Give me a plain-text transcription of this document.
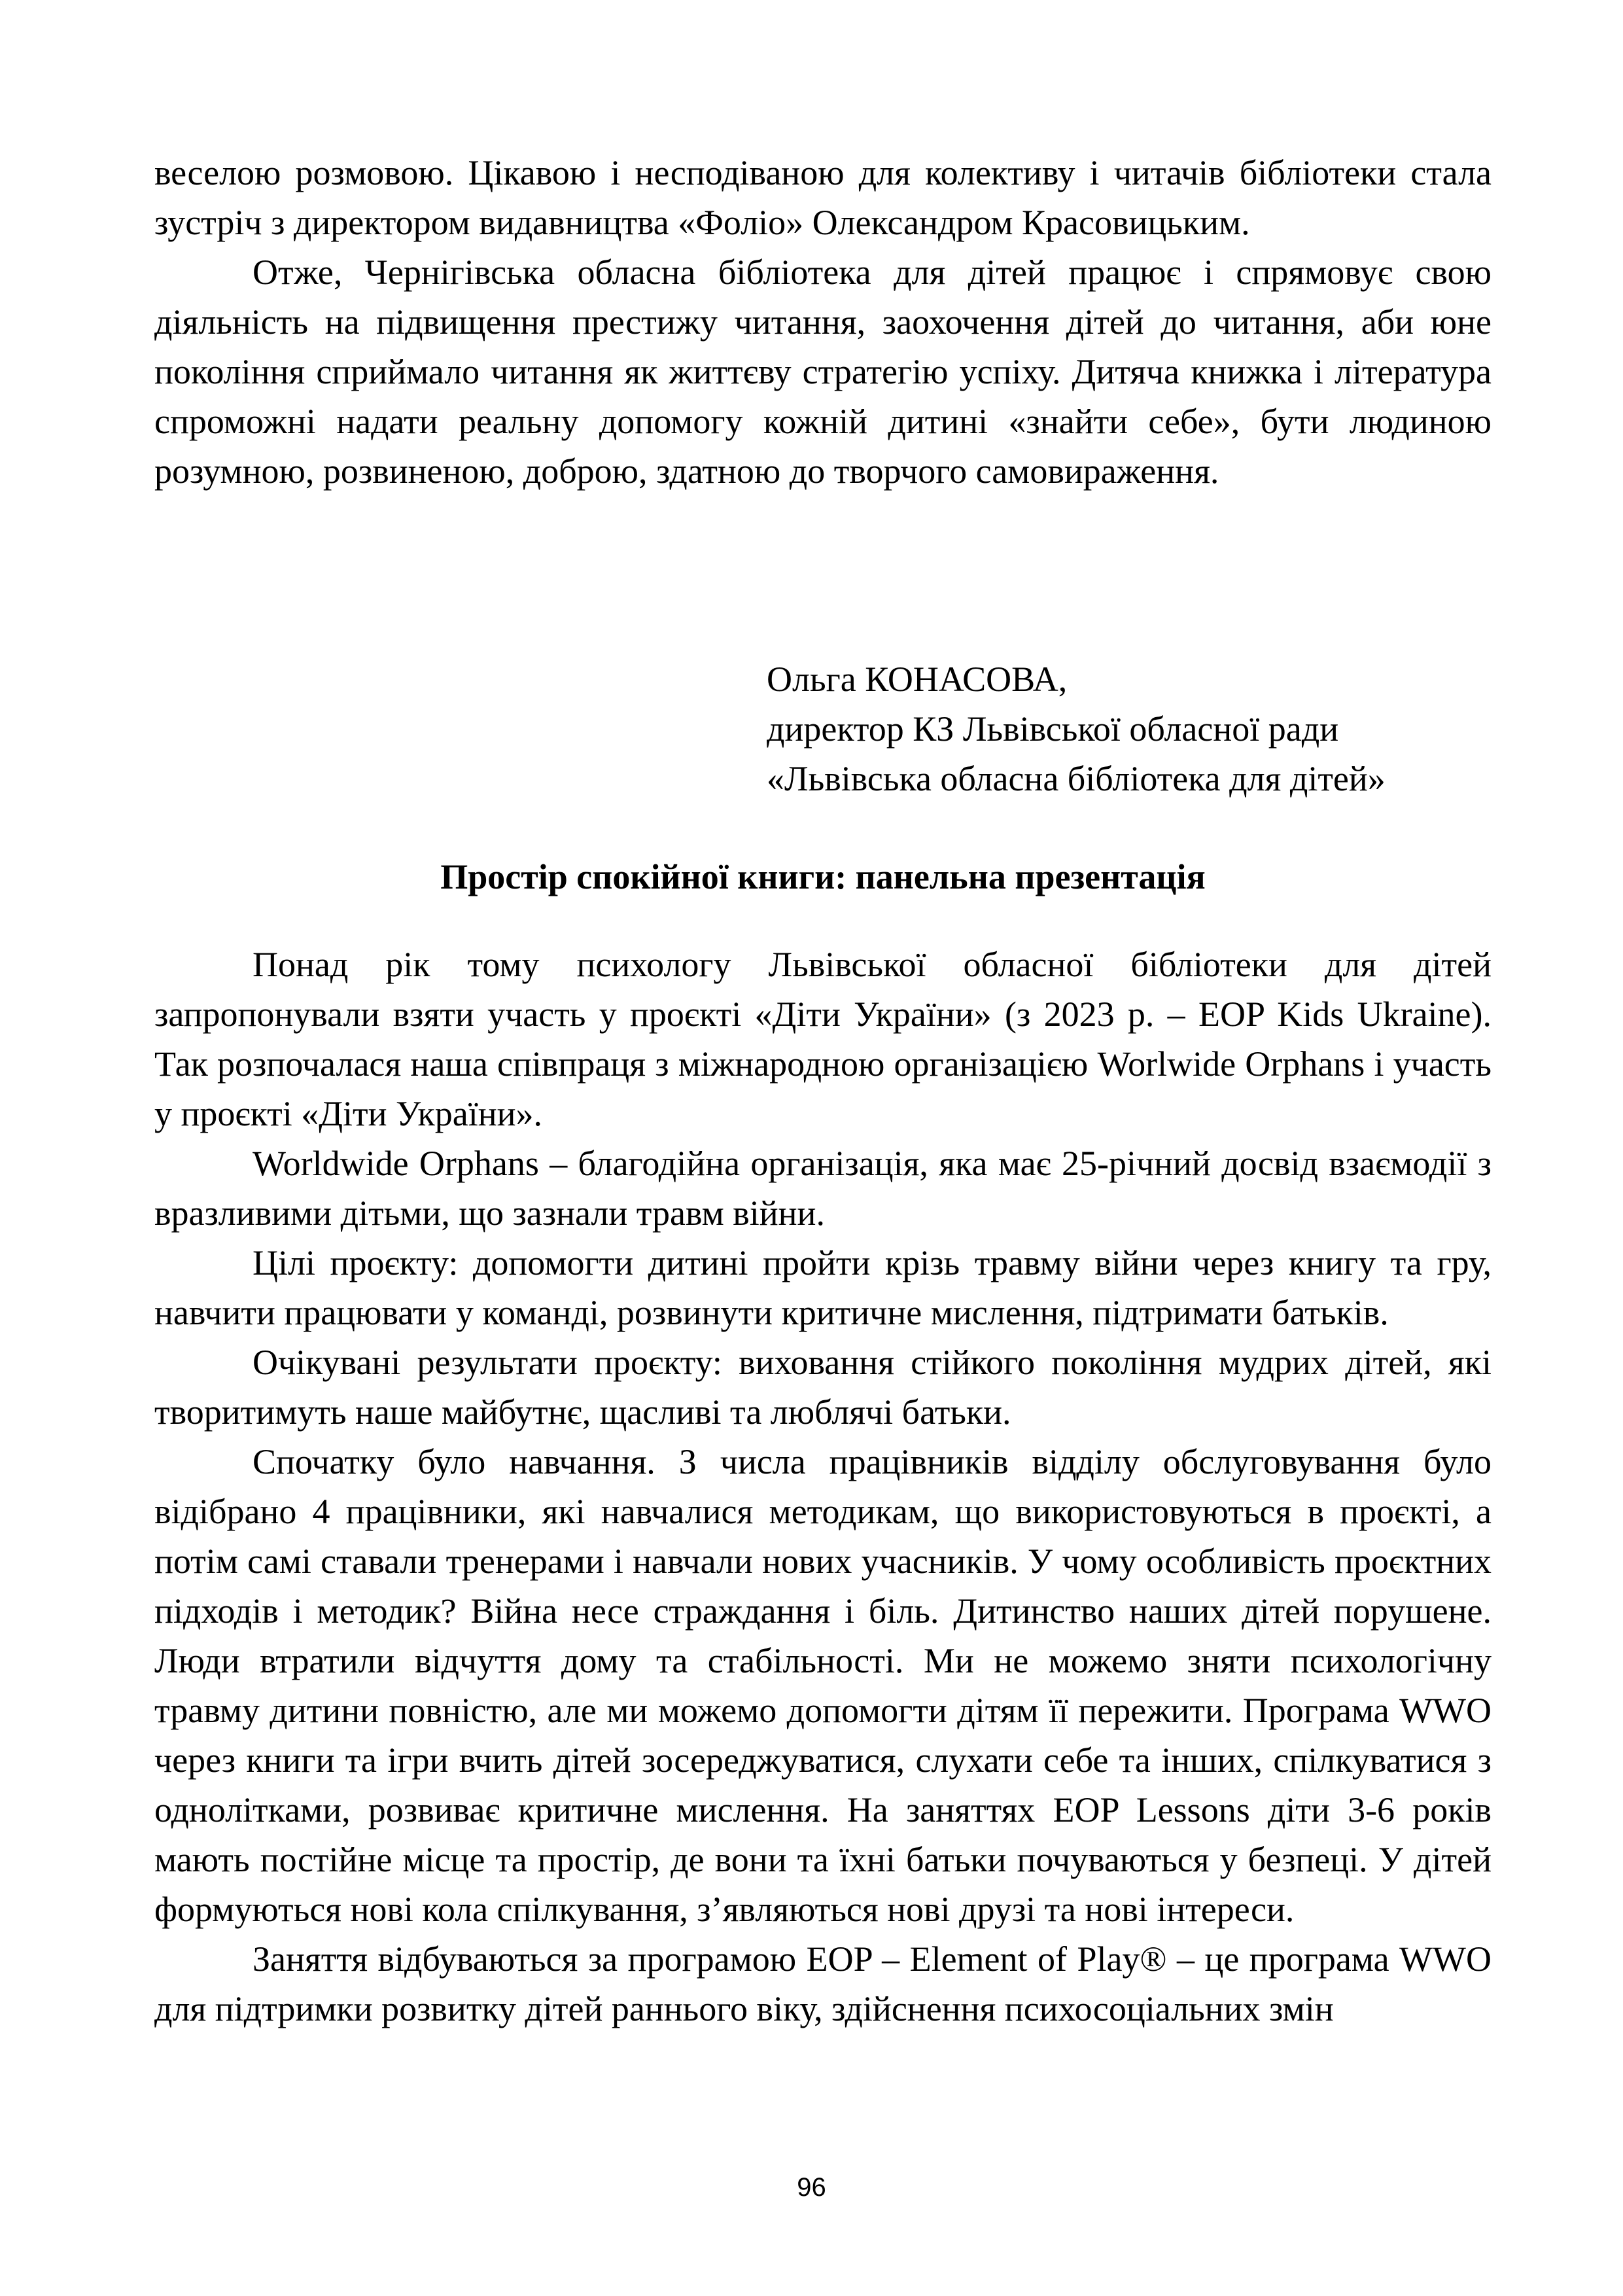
веселою розмовою. Цікавою і несподіваною для колективу і читачів бібліотеки стала зустріч з директором видавництва «Фоліо» Олександром Красовицьким.

Отже, Чернігівська обласна бібліотека для дітей працює і спрямовує свою діяльність на підвищення престижу читання, заохочення дітей до читання, аби юне покоління сприймало читання як життєву стратегію успіху. Дитяча книжка і література спроможні надати реальну допомогу кожній дитині «знайти себе», бути людиною розумною, розвиненою, доброю, здатною до творчого самовираження.

Ольга КОНАСОВА,
директор КЗ Львівської обласної ради
«Львівська обласна бібліотека для дітей»
Простір спокійної книги: панельна презентація

Понад рік тому психологу Львівської обласної бібліотеки для дітей запропонували взяти участь у проєкті «Діти України» (з 2023 р. – EOP Kids Ukraine). Так розпочалася наша співпраця з міжнародною організацією Worlwide Orphans і участь у проєкті «Діти України».

Worldwide Orphans – благодійна організація, яка має 25-річний досвід взаємодії з вразливими дітьми, що зазнали травм війни.

Цілі проєкту: допомогти дитині пройти крізь травму війни через книгу та гру, навчити працювати у команді, розвинути критичне мислення, підтримати батьків.

Очікувані результати проєкту: виховання стійкого покоління мудрих дітей, які творитимуть наше майбутнє, щасливі та люблячі батьки.

Спочатку було навчання. З числа працівників відділу обслуговування було відібрано 4 працівники, які навчалися методикам, що використовуються в проєкті, а потім самі ставали тренерами і навчали нових учасників. У чому особливість проєктних підходів і методик? Війна несе страждання і біль. Дитинство наших дітей порушене. Люди втратили відчуття дому та стабільності. Ми не можемо зняти психологічну травму дитини повністю, але ми можемо допомогти дітям її пережити. Програма WWO через книги та ігри вчить дітей зосереджуватися, слухати себе та інших, спілкуватися з однолітками, розвиває критичне мислення. На заняттях EOP Lessons діти 3-6 років мають постійне місце та простір, де вони та їхні батьки почуваються у безпеці. У дітей формуються нові кола спілкування, з’являються нові друзі та нові інтереси.

Заняття відбуваються за програмою EOP – Element of Play® – це програма WWO для підтримки розвитку дітей раннього віку, здійснення психосоціальних змін

96
